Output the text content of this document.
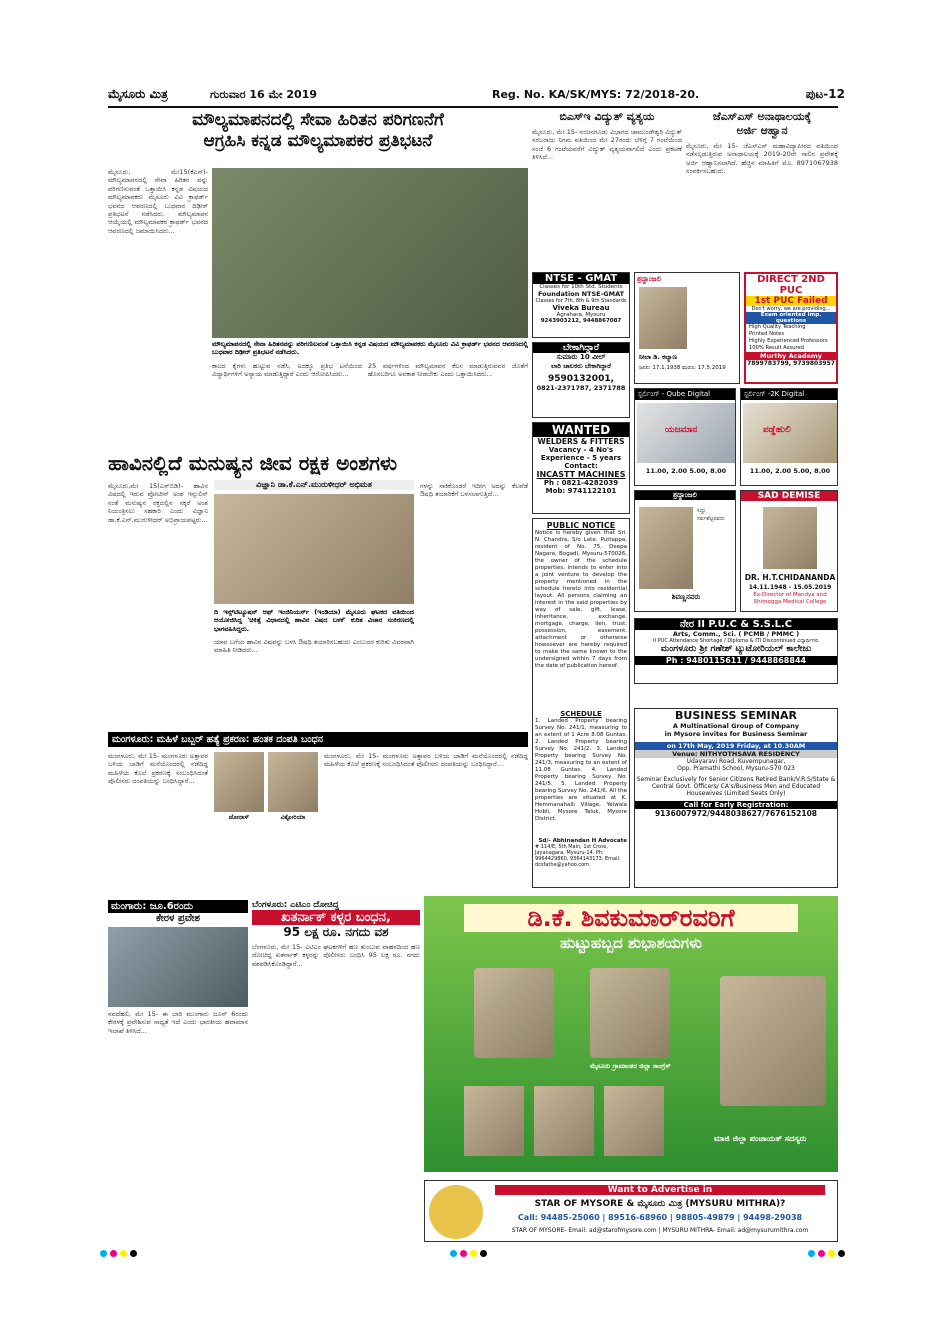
ಮೈಸೂರು ಮಿತ್ರ	ಗುರುವಾರ 16 ಮೇ 2019	Reg. No. KA/SK/MYS: 72/2018-20.	ಪುಟ-12
ಮೌಲ್ಯಮಾಪನದಲ್ಲಿ ಸೇವಾ ಹಿರಿತನ ಪರಿಗಣನೆಗೆ
ಆಗ್ರಹಿಸಿ ಕನ್ನಡ ಮೌಲ್ಯಮಾಪಕರ ಪ್ರತಿಭಟನೆ
ಮೈಸೂರು, ಮೇ15(ಕೆಎಸ್)- ಮೌಲ್ಯಮಾಪನದಲ್ಲಿ ಸೇವಾ ಹಿರಿತನ ವನ್ನು ಪರಿಗಣಿಸುವಂತೆ ಒತ್ತಾಯಿಸಿ ಕನ್ನಡ ವಿಷಯದ ಮೌಲ್ಯಮಾಪಕರು ಮೈಸೂರು ವಿವಿ ಕ್ರಾಫರ್ಡ್ ಭವನದ ಆವರಣದಲ್ಲಿ ಬುಧವಾರ ದಿಢೀರ್ ಪ್ರತಿಭಟನೆ ನಡೆಸಿದರು. ಮೌಲ್ಯಮಾಪನ ಆಯ್ಕೆಯಲ್ಲಿ ಮೌಲ್ಯಮಾಪಕರ ಕ್ರಾಫರ್ಡ್ ಭವನದ ಆವರಣದಲ್ಲಿ ಜಮಾಯಿಸಿದರು...
ಮೌಲ್ಯಮಾಪನದಲ್ಲಿ ಸೇವಾ ಹಿರಿತನವನ್ನು ಪರಿಗಣಿಸುವಂತೆ ಒತ್ತಾಯಿಸಿ ಕನ್ನಡ ವಿಷಯದ ಮೌಲ್ಯಮಾಪಕರು ಮೈಸೂರು ವಿವಿ ಕ್ರಾಫರ್ಡ್ ಭವನದ ಆವರಣದಲ್ಲಿ ಬುಧವಾರ ದಿಢೀರ್ ಪ್ರತಿಭಟನೆ ನಡೆಸಿದರು.
ಕಾಲದ ಕೈಗಳು ಹುಟ್ಟುವ ನಡೆಸಿ, ಅದಕ್ಕೂ ಪ್ರತಿಭ ಟನೆಯಿಂದ ವಿದ್ಯಾರ್ಥಿಗಳಿಗೆ ಅನ್ಯಾಯ ಮಾಡುತ್ತಿದ್ದಾರೆ ಎಂದು ಆರೋಪಿಸಿದರು...
25 ವರ್ಷಗಳಿಂದ ಮೌಲ್ಯಮಾಪನ ಕೆಲಸ ಮಾಡುತ್ತಿರುವವರ ಜೊತೆಗೆ ಹೊಸಬರಿಗೂ ಅವಕಾಶ ನೀಡಬೇಕು ಎಂದು ಒತ್ತಾಯಿಸಿದರು...
ಬಿಎಸ್‌ಇ ವಿದ್ಯುತ್ ವ್ಯತ್ಯಯ
ಮೈಸೂರು, ಮೇ 15- ನಂಜನಗೂಡು ವಿಭಾಗದ ಚಾಮುಂಡೇಶ್ವರಿ ವಿದ್ಯುತ್ ಸರಬರಾಜು ನಿಗಮ ವತಿಯಿಂದ ಮೇ 27ರಂದು ಬೆಳಿಗ್ಗೆ 7 ಗಂಟೆಯಿಂದ ಸಂಜೆ 6 ಗಂಟೆಯವರೆಗೆ ವಿದ್ಯುತ್ ವ್ಯತ್ಯಯವಾಗಲಿದೆ ಎಂದು ಪ್ರಕಟಣೆ ತಿಳಿಸಿದೆ...
ಜೆಎಸ್‌ಎಸ್ ಅನಾಥಾಲಯಕ್ಕೆ
ಅರ್ಜಿ ಆಹ್ವಾನ
ಮೈಸೂರು, ಮೇ 15- ಜೆಎಸ್‌ಎಸ್ ಮಹಾವಿದ್ಯಾಪೀಠದ ವತಿಯಿಂದ ನಡೆಸಲ್ಪಡುತ್ತಿರುವ ಅನಾಥಾಲಯಕ್ಕೆ 2019-20ನೇ ಸಾಲಿನ ಪ್ರವೇಶಕ್ಕೆ ಅರ್ಜಿ ಆಹ್ವಾನಿಸಲಾಗಿದೆ. ಹೆಚ್ಚಿನ ಮಾಹಿತಿಗೆ ಮೊ. 8971067938 ಸಂಪರ್ಕಿಸಬಹುದು.
NTSE - GMAT
Classes for 10th Std. Students
Foundation NTSE-GMAT
Classes for 7th, 8th & 9th Standards
Viveka Bureau
Agrahara, Mysuru
9243903212, 9448867087
ಶ್ರದ್ಧಾಂಜಲಿ
ನೀಲಾ ಡಿ. ಕಲ್ಯಾಣ
ಜನನ: 17.1.1938 ಮರಣ: 17.5.2019
DIRECT 2ND PUC
1st PUC Failed
Don't worry, we are providing...
Exam oriented imp. questions
High Quality Teaching
Printed Notes
Highly Experienced Professors
100% Result Assured
Murthy Academy
7899783799, 9739803957
ಬೇಕಾಗಿದ್ದಾರೆ
ಸುಮಾರು 10 ವೀಲ್
ಲಾರಿ ಚಾಲಕರು ಬೇಕಾಗಿದ್ದಾರೆ
9590132001,
0821-2371787, 2371788
WANTED
WELDERS & FITTERS
Vacancy - 4 No's
Experience - 5 years
Contact:
INCASTT MACHINES
Ph : 0821-4282039
Mob: 9741122101
ಸ್ಟರ್ಲಿಂಗ್ - Qube Digital
ಯಜಮಾನ
11.00, 2.00 5.00, 8.00
ಸ್ಟರ್ಲಿಂಗ್ -2K Digital
ಪಡ್ಡೆಹುಲಿ
11.00, 2.00 5.00, 8.00
ಹಾವಿನಲ್ಲಿದೆ ಮನುಷ್ಯನ ಜೀವ ರಕ್ಷಕ ಅಂಶಗಳು
ವಿಜ್ಞಾನಿ ಡಾ.ಕೆ.ಎನ್.ಮುರುಳೀಧರ್ ಅಭಿಮತ
ಮೈಸೂರು,ಮೇ 15(ಎಸ್‌ಬಿಡಿ)- ಹಾವಿನ ವಿಷದಲ್ಲಿ ಇರುವ ಪ್ರೋಟೀನ್ ಅಂಶ ಇನ್ಸುಲಿನ್ ನಂತೆ ಮನುಷ್ಯನ ರಕ್ತದಲ್ಲಿನ ಸಕ್ಕರೆ ಅಂಶ ನಿಯಂತ್ರಿಸಲು ಸಹಕಾರಿ ಎಂದು ವಿಜ್ಞಾನಿ ಡಾ.ಕೆ.ಎನ್.ಮುರುಳೀಧರ್ ಅಭಿಪ್ರಾಯಪಟ್ಟರು...
ದಿ ಇನ್ಸ್‌ಟಿಟ್ಯೂಷನ್ ಆಫ್ ಇಂಜಿನಿಯರ್ಸ್ (ಇಂಡಿಯಾ) ಮೈಸೂರು ಘಟಕದ ವತಿಯಿಂದ ಆಯೋಜಿಸಿದ್ದ 'ಚಿಕಿತ್ಸೆ ವಿಧಾನದಲ್ಲಿ ಹಾವಿನ ವಿಷದ ಬಳಕೆ' ಕುರಿತ ವಿಚಾರ ಸಂಕಿರಣದಲ್ಲಿ ಭಾಗವಹಿಸಿದ್ದರು.
ಯಾವ ಬಗೆಯ ಹಾವಿನ ವಿಷವನ್ನು ಬಳಸಿ ಔಷಧಿ ತಯಾರಿಸಬಹುದು ಎಂಬುದರ ಕುರಿತು ವಿವರವಾಗಿ ಮಾಹಿತಿ ನೀಡಿದರು...
ಗಳನ್ನು ಸಾಕಿಕೊಂಡರೆ ಇದೀಗ ಅದನ್ನು ಕೆಲವೆಡೆ ಔಷಧಿ ತಯಾರಿಕೆಗೆ ಬಳಸಲಾಗುತ್ತಿದೆ...
ಮಂಗಳೂರು: ಮಹಿಳೆ ಬಬ್ಬರ್ ಹತ್ಯೆ ಪ್ರಕರಣ: ಹಂತಕ ದಂಪತಿ ಬಂಧನ
ಮಂಗಳೂರು, ಮೇ 15- ಮಂಗಳೂರು ಅತ್ತಾವರ ಬಳಿಯ ಬಾಡಿಗೆ ಮನೆಯೊಂದರಲ್ಲಿ ನಡೆದಿದ್ದ ಮಹಿಳೆಯ ಕೊಲೆ ಪ್ರಕರಣಕ್ಕೆ ಸಂಬಂಧಿಸಿದಂತೆ ಪೊಲೀಸರು ದಂಪತಿಯನ್ನು ಬಂಧಿಸಿದ್ದಾರೆ...
ಜೋನಾಸ್	ವಿಕ್ಟೋರಿಯಾ
ಮಂಗಳೂರು, ಮೇ 15- ಮಂಗಳೂರು ಅತ್ತಾವರ ಬಳಿಯ ಬಾಡಿಗೆ ಮನೆಯೊಂದರಲ್ಲಿ ನಡೆದಿದ್ದ ಮಹಿಳೆಯ ಕೊಲೆ ಪ್ರಕರಣಕ್ಕೆ ಸಂಬಂಧಿಸಿದಂತೆ ಪೊಲೀಸರು ದಂಪತಿಯನ್ನು ಬಂಧಿಸಿದ್ದಾರೆ...
PUBLIC NOTICE
Notice is hereby given that Sri. N. Chandra, S/o Late. Puttappa, resident of No. 75, Deepa Nagara, Bogadi, Mysuru-570026, the owner of the schedule properties, intends to enter into a joint venture to develop the property mentioned in the schedule hereto into residential layout. All persons claiming an interest in the said properties by way of sale, gift, lease, inheritance, exchange, mortgage, charge, lien, trust, possession, easement, attachment or otherwise howsoever are hereby required to make the same known to the undersigned within 7 days from the date of publication hereof.
SCHEDULE
1. Landed Property bearing Survey No. 241/1, measuring to an extent of 1 Acre 8.08 Guntas. 2. Landed Property bearing Survey No. 241/2. 3. Landed Property bearing Survey No. 241/3, measuring to an extent of 11.08 Guntas. 4. Landed Property bearing Survey No. 241/5. 5. Landed Property bearing Survey No. 241/6. All the properties are situated at K. Hemmanahalli Village, Yelwala Hobli, Mysore Taluk, Mysore District.
Sd/- Abhinandan H Advocate
# 114/E, 5th Main, 1st Cross, Jayanagara, Mysuru-14. Ph: 9964429860, 9364143173, Email: dcsfathe@yahoo.com
ಶ್ರದ್ಧಾಂಜಲಿ
ಸಿದ್ದು ಸರ್ವಶೆಟ್ಟರವರು
ಶಿವಣ್ಣನವರು
SAD DEMISE
DR. H.T.CHIDANANDA
14.11.1948 - 15.05.2019
Ex-Director of Mandya and Shimogga Medical College
ನೇರ II P.U.C & S.S.L.C
Arts, Comm., Sci. ( PCMB / PMMC )
II PUC Attendance Shortage / Diploma & ITI Discontinued ವಿದ್ಯಾರ್ಥಿಗಳು
ಮಂಗಳೂರು ಶ್ರೀ ಗಣೇಶ್ ಟ್ಯುಟೋರಿಯಲ್ ಕಾಲೇಜು
Ph : 9480115611 / 9448868844
BUSINESS SEMINAR
A Multinational Group of Company
in Mysore invites for Business Seminar
on 17th May, 2019 Friday, at 10.30AM
Venue: NITHYOTHSAVA RESIDENCY
Udayaravi Road, Kuvempunagar,
Opp. Pramathi School, Mysuru-570 023
Seminar Exclusively for Senior Citizens Retired Bank/V.R.S/State & Central Govt. Officers/ CA's/Business Men and Educated Housewives (Limited Seats Only)
Call for Early Registration:
9136007972/9448038627/7676152108
ಮಂಗಾರು: ಜೂ.6ರಂದು
ಕೇರಳ ಪ್ರವೇಶ
ನವದೆಹಲಿ, ಮೇ 15- ಈ ಬಾರಿ ಮುಂಗಾರು ಜೂನ್ 6ರಂದು ಕೇರಳಕ್ಕೆ ಪ್ರವೇಶಿಸುವ ಸಾಧ್ಯತೆ ಇದೆ ಎಂದು ಭಾರತೀಯ ಹವಾಮಾನ ಇಲಾಖೆ ತಿಳಿಸಿದೆ...
ಬೆಂಗಳೂರು: ಎಟಿಎಂ ದೋಚಿದ್ದ
ಖತರ್ನಾಕ್ ಕಳ್ಳರ ಬಂಧನ,
95 ಲಕ್ಷ ರೂ. ನಗದು ವಶ
ಬೆಂಗಳೂರು, ಮೇ 15- ಎಟಿಎಂ ಘಟಕಗಳಿಗೆ ಹಣ ತುಂಬುವ ವಾಹನದಿಂದ ಹಣ ದೋಚಿದ್ದ ಖತರ್ನಾಕ್ ಕಳ್ಳರನ್ನು ಪೊಲೀಸರು ಬಂಧಿಸಿ 95 ಲಕ್ಷ ರೂ. ನಗದು ವಶಪಡಿಸಿಕೊಂಡಿದ್ದಾರೆ...
ಡಿ.ಕೆ. ಶಿವಕುಮಾರ್‌ರವರಿಗೆ
ಹುಟ್ಟುಹಬ್ಬದ ಶುಭಾಶಯಗಳು
ಮೈಸೂರು ಗ್ರಾಮಾಂತರ ಜಿಲ್ಲಾ ಕಾಂಗ್ರೆಸ್
ಮಾಜಿ ಜಿಲ್ಲಾ ಪಂಚಾಯತ್ ಸದಸ್ಯರು
Want to Advertise in
STAR OF MYSORE & ಮೈಸೂರು ಮಿತ್ರ (MYSURU MITHRA)?
Call: 94485-25060 | 89516-68960 | 98805-49879 | 94498-29038
STAR OF MYSORE- Email: ad@starofmysore.com | MYSURU MITHRA- Email: ad@mysurumithra.com
